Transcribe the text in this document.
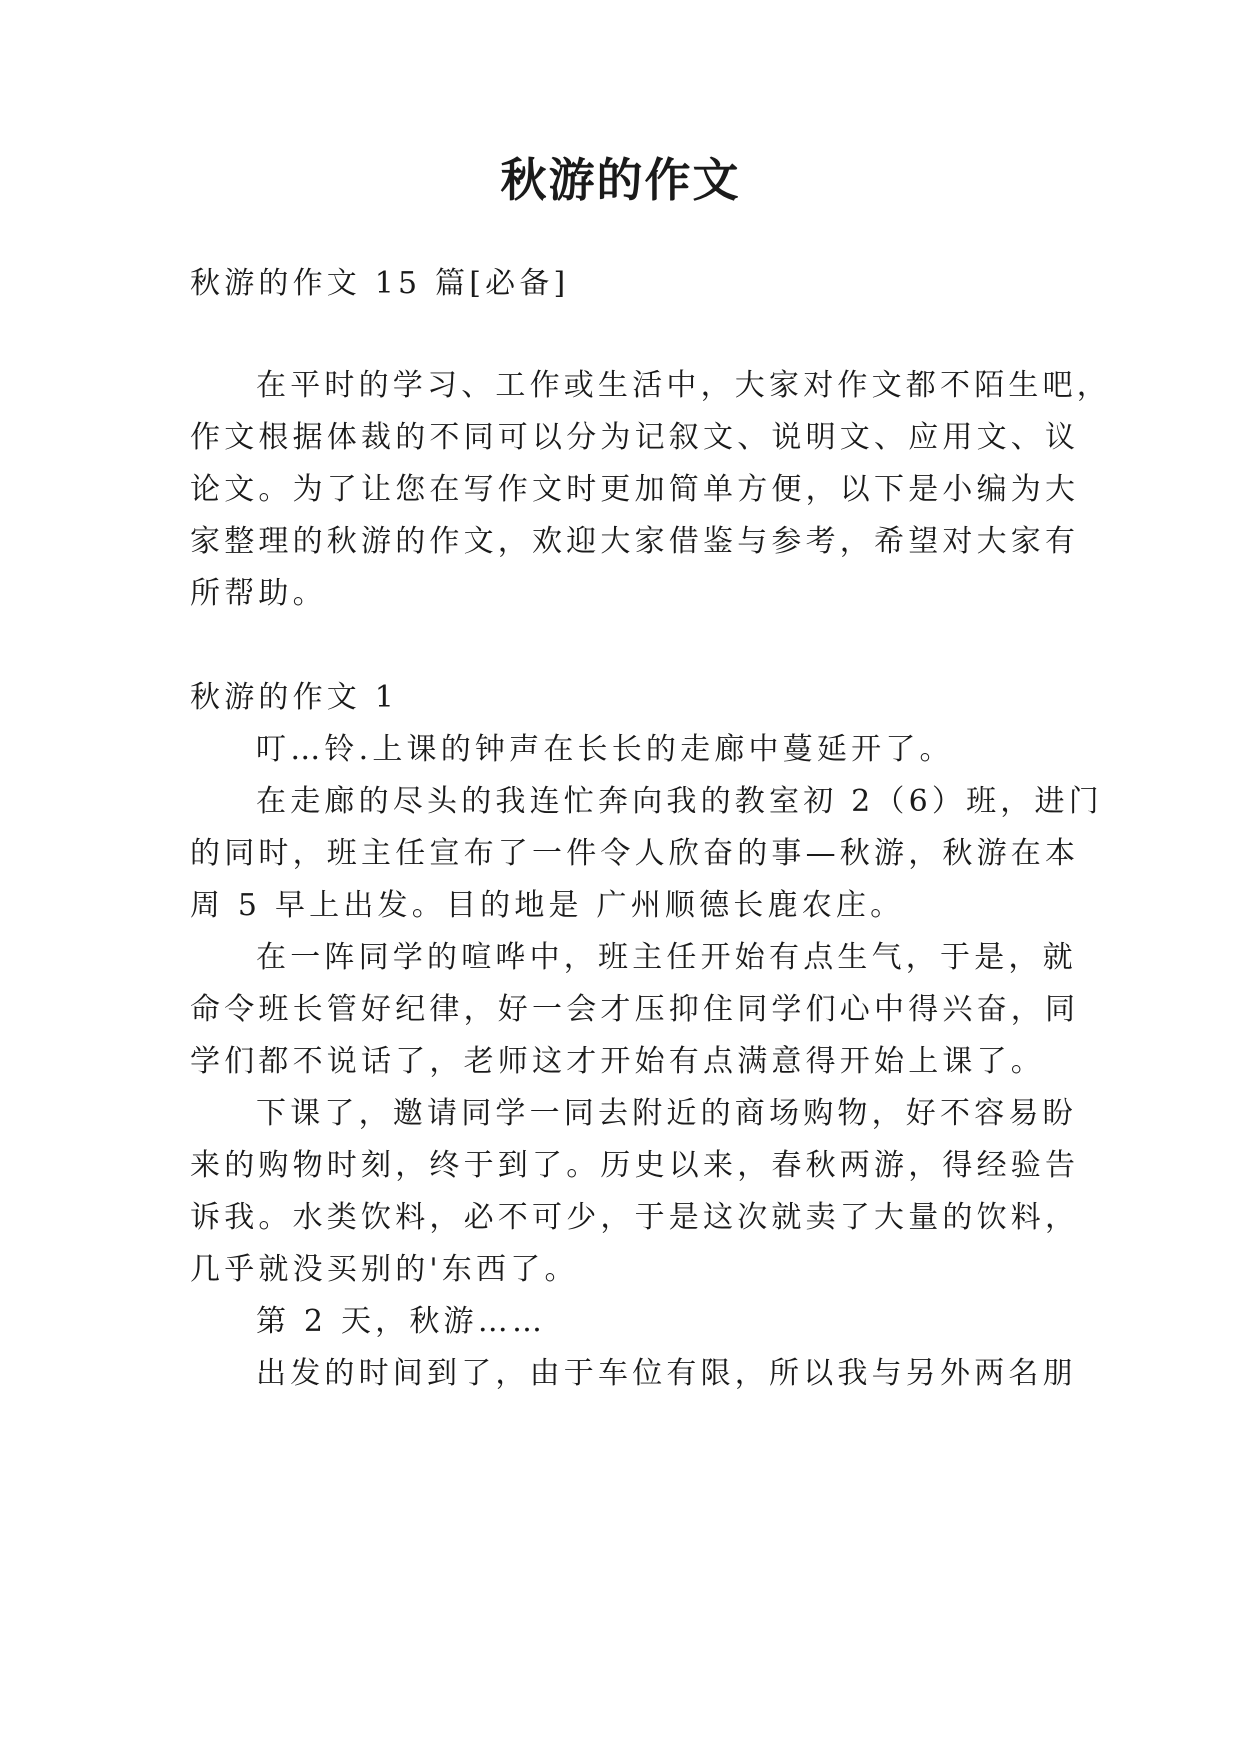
秋游的作文
秋游的作文 15 篇[必备]
在平时的学习、工作或生活中，大家对作文都不陌生吧，
作文根据体裁的不同可以分为记叙文、说明文、应用文、议
论文。为了让您在写作文时更加简单方便，以下是小编为大
家整理的秋游的作文，欢迎大家借鉴与参考，希望对大家有
所帮助。
秋游的作文 1
叮…铃.上课的钟声在长长的走廊中蔓延开了。
在走廊的尽头的我连忙奔向我的教室初 2（6）班，进门
的同时，班主任宣布了一件令人欣奋的事—秋游，秋游在本
周 5 早上出发。目的地是 广州顺德长鹿农庄。
在一阵同学的喧哗中，班主任开始有点生气，于是，就
命令班长管好纪律，好一会才压抑住同学们心中得兴奋，同
学们都不说话了，老师这才开始有点满意得开始上课了。
下课了，邀请同学一同去附近的商场购物，好不容易盼
来的购物时刻，终于到了。历史以来，春秋两游，得经验告
诉我。水类饮料，必不可少，于是这次就卖了大量的饮料，
几乎就没买别的'东西了。
第 2 天，秋游……
出发的时间到了，由于车位有限，所以我与另外两名朋
